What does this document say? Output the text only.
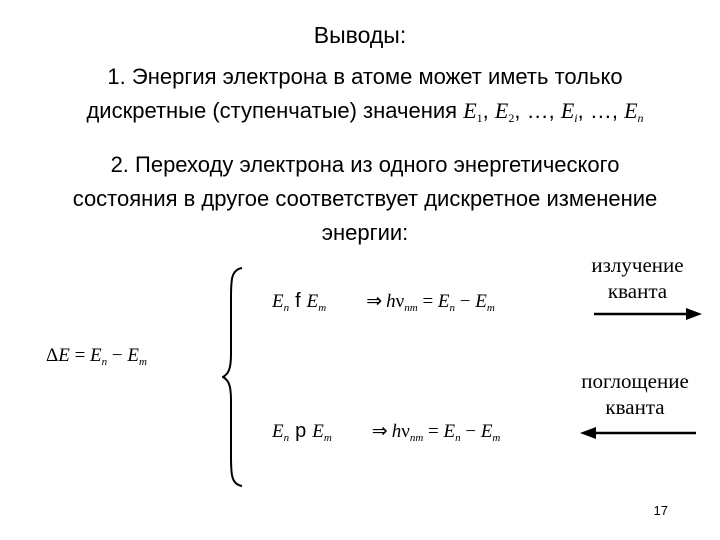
Выводы:
1. Энергия электрона в атоме может иметь только
дискретные (ступенчатые) значения E1, E2, …, $E_i$, …, $E_n$
2. Переходу электрона из одного энергетического
состояния в другое соответствует дискретное изменение
энергии:
$\Delta E = E_n - E_m$
$E_n$ f $E_m$ ⇒ $h\nu_{nm} = E_n - E_m$
излучение
кванта
$E_n$ p $E_m$ ⇒ $h\nu_{nm} = E_n - E_m$
поглощение
кванта
17
